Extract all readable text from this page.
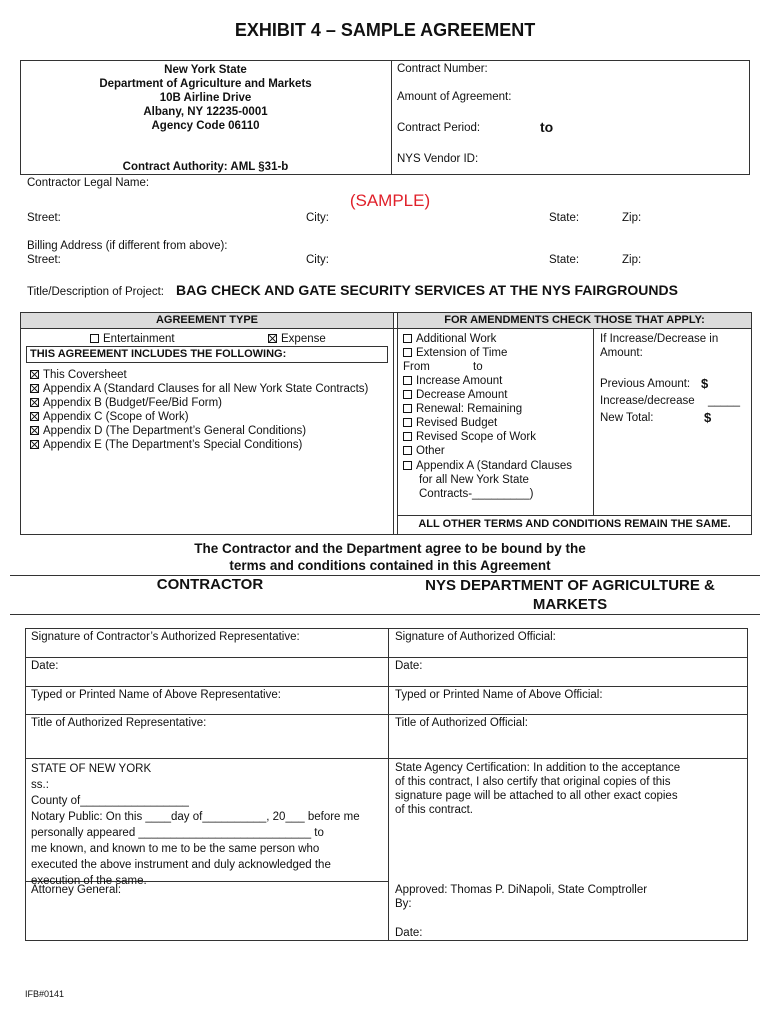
EXHIBIT 4 – SAMPLE AGREEMENT
New York State
Department of Agriculture and Markets
10B Airline Drive
Albany, NY 12235-0001
Agency Code 06110
Contract Authority: AML §31-b
Contract Number:
Amount of Agreement:
Contract Period:	to
NYS Vendor ID:
Contractor Legal Name:
(SAMPLE)
Street:	City:	State:	Zip:
Billing Address (if different from above):
Street:	City:	State:	Zip:
Title/Description of Project: BAG CHECK AND GATE SECURITY SERVICES AT THE NYS FAIRGROUNDS
AGREEMENT TYPE	FOR AMENDMENTS CHECK THOSE THAT APPLY:
Entertainment	Expense
THIS AGREEMENT INCLUDES THE FOLLOWING:
This Coversheet
Appendix A (Standard Clauses for all New York State Contracts)
Appendix B (Budget/Fee/Bid Form)
Appendix C (Scope of Work)
Appendix D (The Department’s General Conditions)
Appendix E (The Department’s Special Conditions)
Additional Work
Extension of Time
From	to
Increase Amount
Decrease Amount
Renewal: Remaining
Revised Budget
Revised Scope of Work
Other
Appendix A (Standard Clauses
for all New York State
Contracts-_________)
If Increase/Decrease in
Amount:
Previous Amount: $
Increase/decrease _____
New Total:	$
ALL OTHER TERMS AND CONDITIONS REMAIN THE SAME.
The Contractor and the Department agree to be bound by the
terms and conditions contained in this Agreement
CONTRACTOR	NYS DEPARTMENT OF AGRICULTURE &
MARKETS
Signature of Contractor’s Authorized Representative:	Signature of Authorized Official:
Date:	Date:
Typed or Printed Name of Above Representative:	Typed or Printed Name of Above Official:
Title of Authorized Representative:	Title of Authorized Official:
STATE OF NEW YORK
ss.:
County of_________________
Notary Public: On this ____day of__________, 20___ before me
personally appeared ___________________________ to
me known, and known to me to be the same person who
executed the above instrument and duly acknowledged the
execution of the same.
State Agency Certification: In addition to the acceptance
of this contract, I also certify that original copies of this
signature page will be attached to all other exact copies
of this contract.
Attorney General:	Approved: Thomas P. DiNapoli, State Comptroller
By:
Date:
IFB#0141
